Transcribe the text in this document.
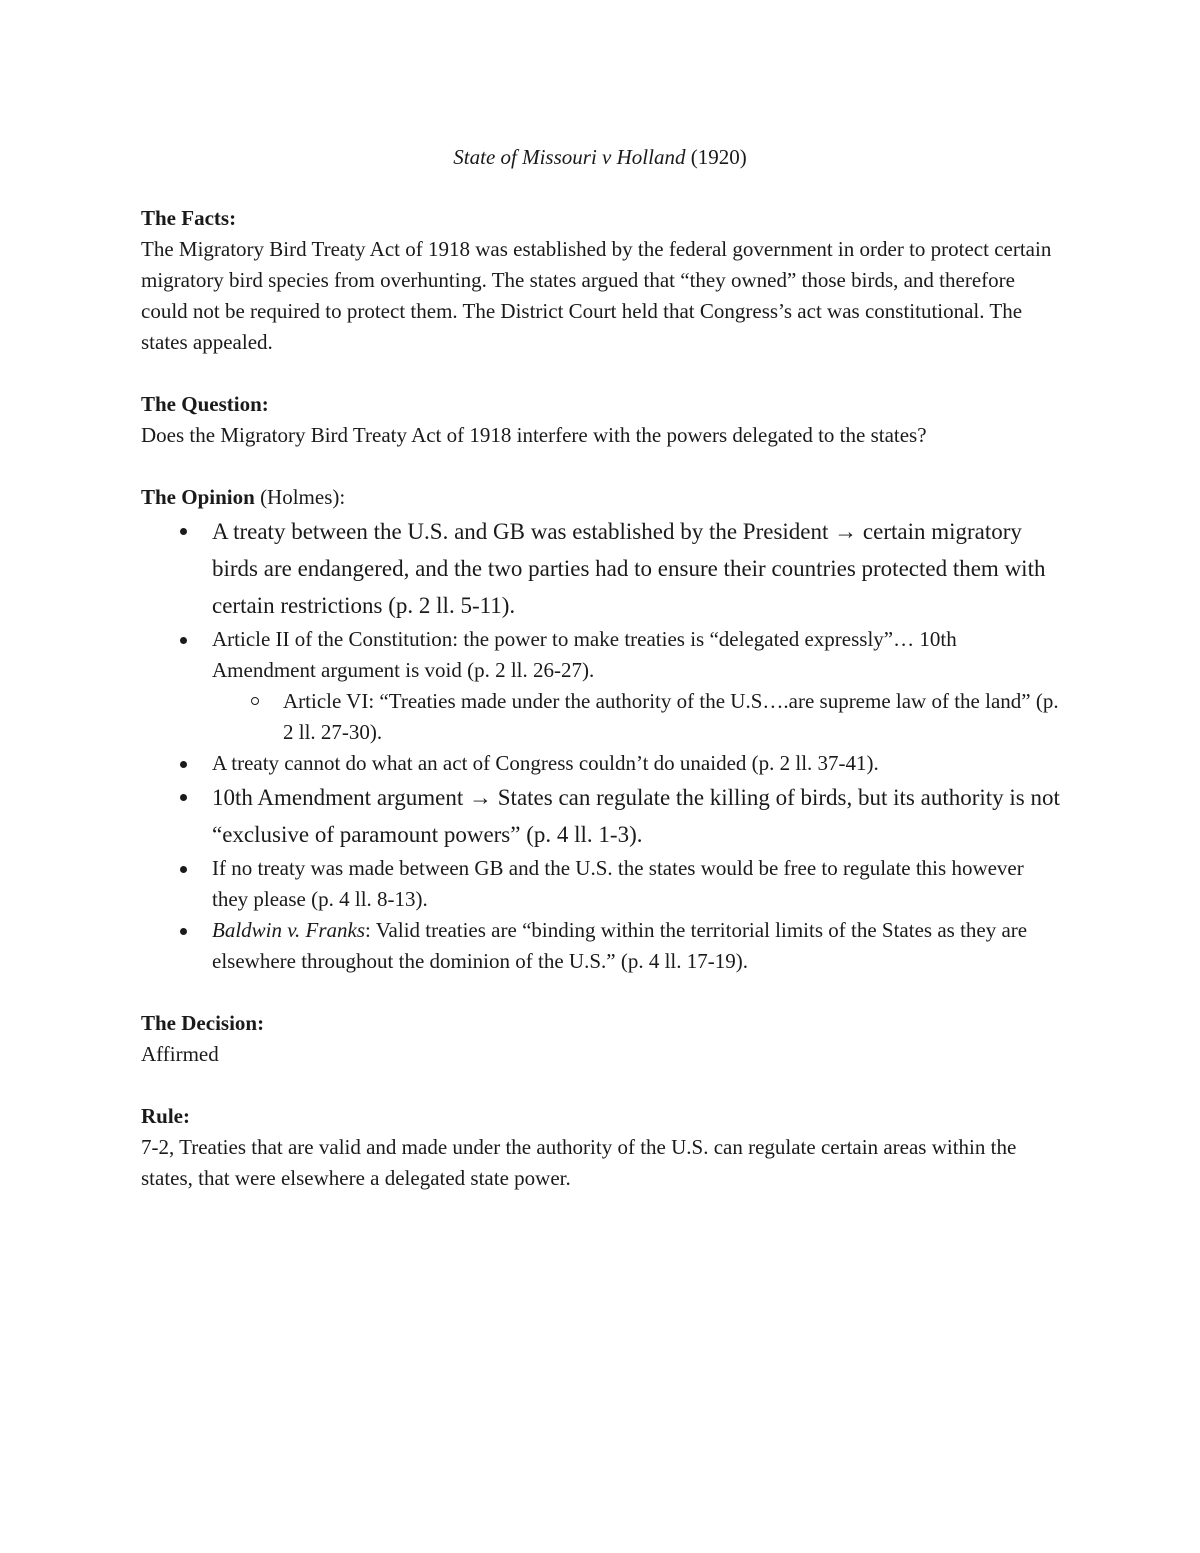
State of Missouri v Holland (1920)
The Facts:

The Migratory Bird Treaty Act of 1918 was established by the federal government in order to protect certain migratory bird species from overhunting. The states argued that “they owned” those birds, and therefore could not be required to protect them. The District Court held that Congress’s act was constitutional. The states appealed.

The Question:

Does the Migratory Bird Treaty Act of 1918 interfere with the powers delegated to the states?

The Opinion (Holmes):
A treaty between the U.S. and GB was established by the President → certain migratory birds are endangered, and the two parties had to ensure their countries protected them with certain restrictions (p. 2 ll. 5-11).
Article II of the Constitution: the power to make treaties is “delegated expressly”… 10th Amendment argument is void (p. 2 ll. 26-27).
Article VI: “Treaties made under the authority of the U.S….are supreme law of the land” (p. 2 ll. 27-30).
A treaty cannot do what an act of Congress couldn’t do unaided (p. 2 ll. 37-41).
10th Amendment argument → States can regulate the killing of birds, but its authority is not “exclusive of paramount powers” (p. 4 ll. 1-3).
If no treaty was made between GB and the U.S. the states would be free to regulate this however they please (p. 4 ll. 8-13).
Baldwin v. Franks: Valid treaties are “binding within the territorial limits of the States as they are elsewhere throughout the dominion of the U.S.” (p. 4 ll. 17-19).
The Decision:

Affirmed

Rule:

7-2, Treaties that are valid and made under the authority of the U.S. can regulate certain areas within the states, that were elsewhere a delegated state power.
